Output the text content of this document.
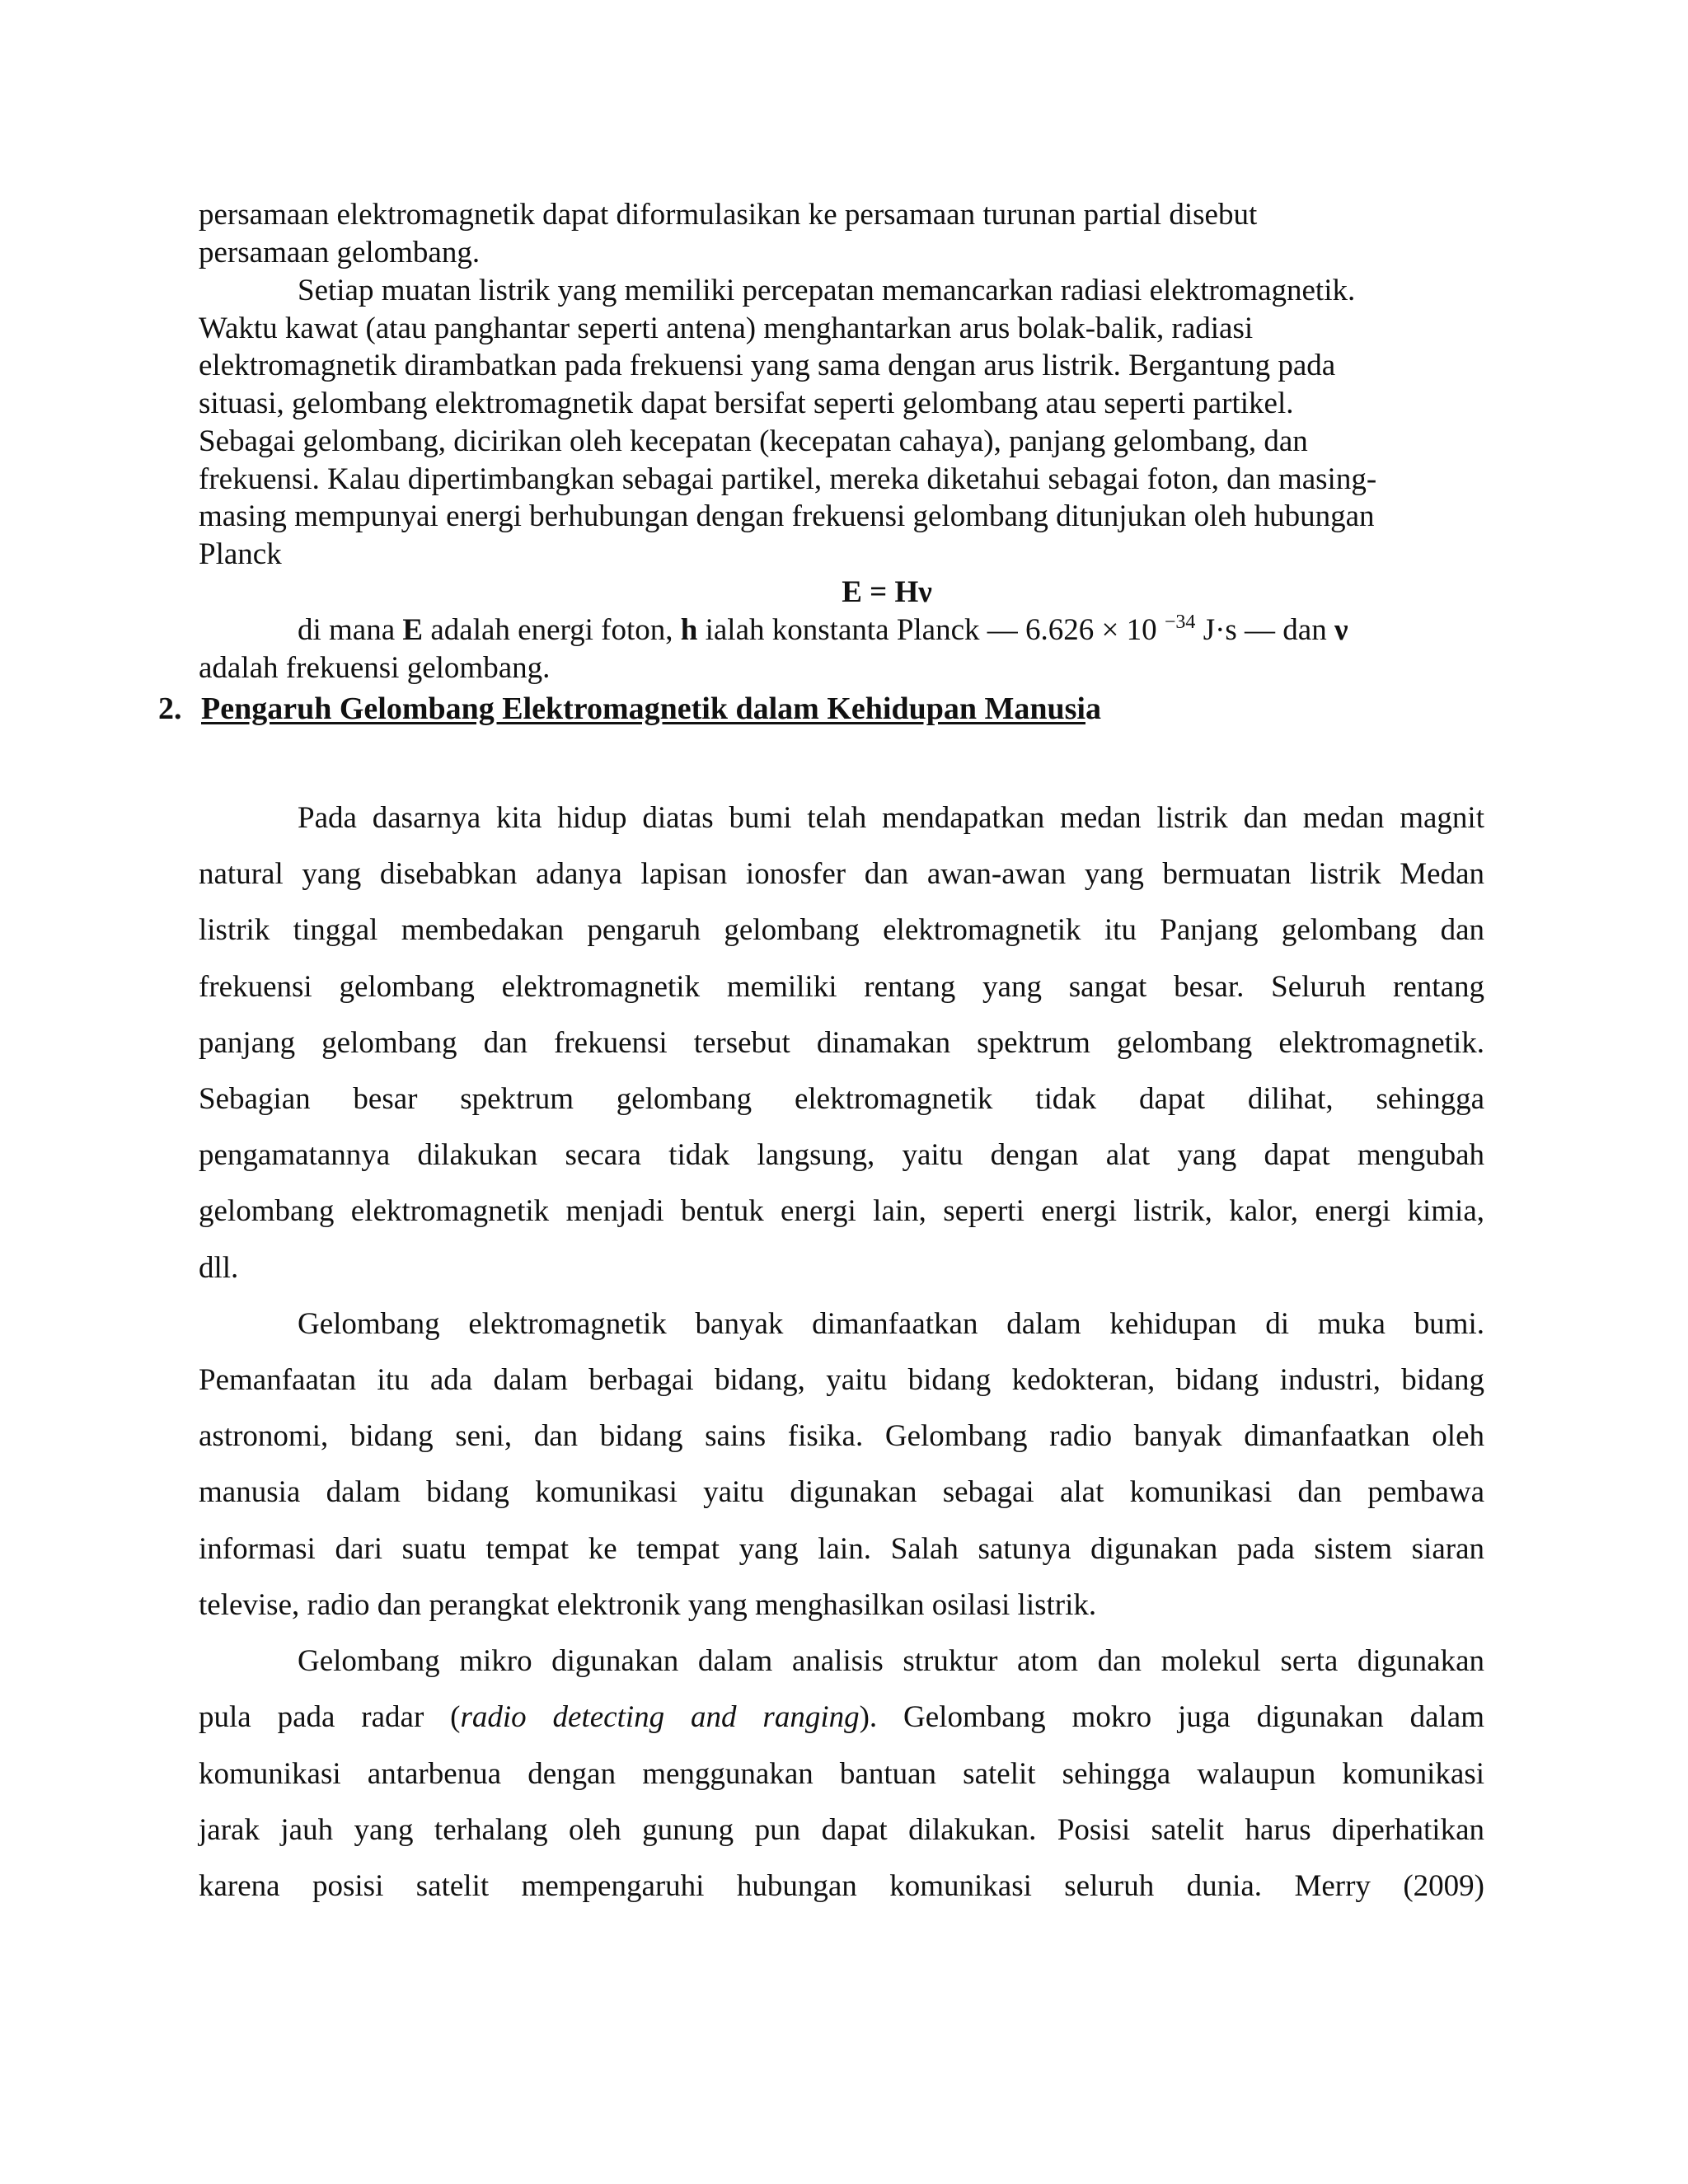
persamaan elektromagnetik dapat diformulasikan ke persamaan turunan partial disebut
persamaan gelombang.
Setiap muatan listrik yang memiliki percepatan memancarkan radiasi elektromagnetik.
Waktu kawat (atau panghantar seperti antena) menghantarkan arus bolak-balik, radiasi
elektromagnetik dirambatkan pada frekuensi yang sama dengan arus listrik. Bergantung pada
situasi, gelombang elektromagnetik dapat bersifat seperti gelombang atau seperti partikel.
Sebagai gelombang, dicirikan oleh kecepatan (kecepatan cahaya), panjang gelombang, dan
frekuensi. Kalau dipertimbangkan sebagai partikel, mereka diketahui sebagai foton, dan masing-
masing mempunyai energi berhubungan dengan frekuensi gelombang ditunjukan oleh hubungan
Planck
E = Hν
di mana E adalah energi foton, h ialah konstanta Planck — 6.626 × 10 $^{-34}$ J·s — dan ν
adalah frekuensi gelombang.
2. Pengaruh Gelombang Elektromagnetik dalam Kehidupan Manusia
Pada dasarnya kita hidup diatas bumi telah mendapatkan medan listrik dan medan magnit
natural yang disebabkan adanya lapisan ionosfer dan awan-awan yang bermuatan listrik Medan
listrik tinggal membedakan pengaruh gelombang elektromagnetik itu Panjang gelombang dan
frekuensi gelombang elektromagnetik memiliki rentang yang sangat besar. Seluruh rentang
panjang gelombang dan frekuensi tersebut dinamakan spektrum gelombang elektromagnetik.
Sebagian besar spektrum gelombang elektromagnetik tidak dapat dilihat, sehingga
pengamatannya dilakukan secara tidak langsung, yaitu dengan alat yang dapat mengubah
gelombang elektromagnetik menjadi bentuk energi lain, seperti energi listrik, kalor, energi kimia,
dll.
Gelombang elektromagnetik banyak dimanfaatkan dalam kehidupan di muka bumi.
Pemanfaatan itu ada dalam berbagai bidang, yaitu bidang kedokteran, bidang industri, bidang
astronomi, bidang seni, dan bidang sains fisika. Gelombang radio banyak dimanfaatkan oleh
manusia dalam bidang komunikasi yaitu digunakan sebagai alat komunikasi dan pembawa
informasi dari suatu tempat ke tempat yang lain. Salah satunya digunakan pada sistem siaran
televise, radio dan perangkat elektronik yang menghasilkan osilasi listrik.
Gelombang mikro digunakan dalam analisis struktur atom dan molekul serta digunakan
pula pada radar (radio detecting and ranging). Gelombang mokro juga digunakan dalam
komunikasi antarbenua dengan menggunakan bantuan satelit sehingga walaupun komunikasi
jarak jauh yang terhalang oleh gunung pun dapat dilakukan. Posisi satelit harus diperhatikan
karena posisi satelit mempengaruhi hubungan komunikasi seluruh dunia. Merry (2009)
